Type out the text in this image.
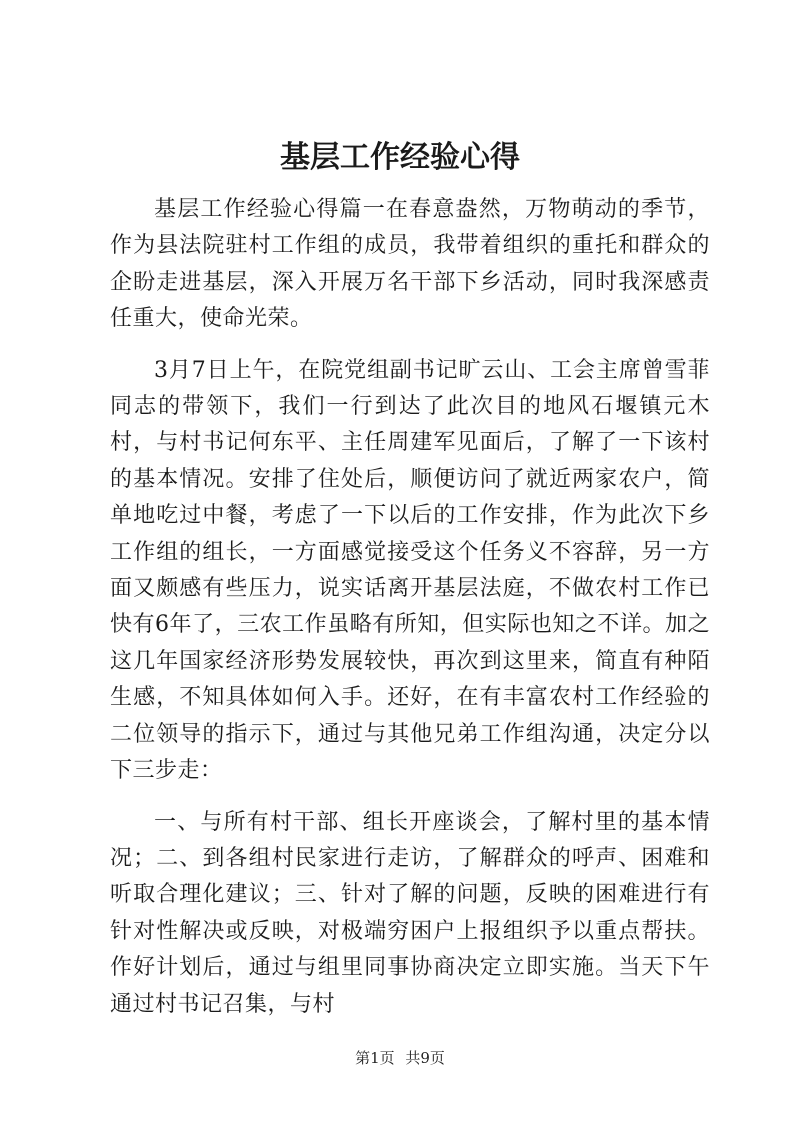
基层工作经验心得

基层工作经验心得篇一在春意盎然，万物萌动的季节，作为县法院驻村工作组的成员，我带着组织的重托和群众的企盼走进基层，深入开展万名干部下乡活动，同时我深感责任重大，使命光荣。

3月7日上午，在院党组副书记旷云山、工会主席曾雪菲同志的带领下，我们一行到达了此次目的地风石堰镇元木村，与村书记何东平、主任周建军见面后，了解了一下该村的基本情况。安排了住处后，顺便访问了就近两家农户，简单地吃过中餐，考虑了一下以后的工作安排，作为此次下乡工作组的组长，一方面感觉接受这个任务义不容辞，另一方面又颇感有些压力，说实话离开基层法庭，不做农村工作已快有6年了，三农工作虽略有所知，但实际也知之不详。加之这几年国家经济形势发展较快，再次到这里来，简直有种陌生感，不知具体如何入手。还好，在有丰富农村工作经验的二位领导的指示下，通过与其他兄弟工作组沟通，决定分以下三步走：

一、与所有村干部、组长开座谈会，了解村里的基本情况；二、到各组村民家进行走访，了解群众的呼声、困难和听取合理化建议；三、针对了解的问题，反映的困难进行有针对性解决或反映，对极端穷困户上报组织予以重点帮扶。作好计划后，通过与组里同事协商决定立即实施。当天下午通过村书记召集，与村

第1页 共9页
